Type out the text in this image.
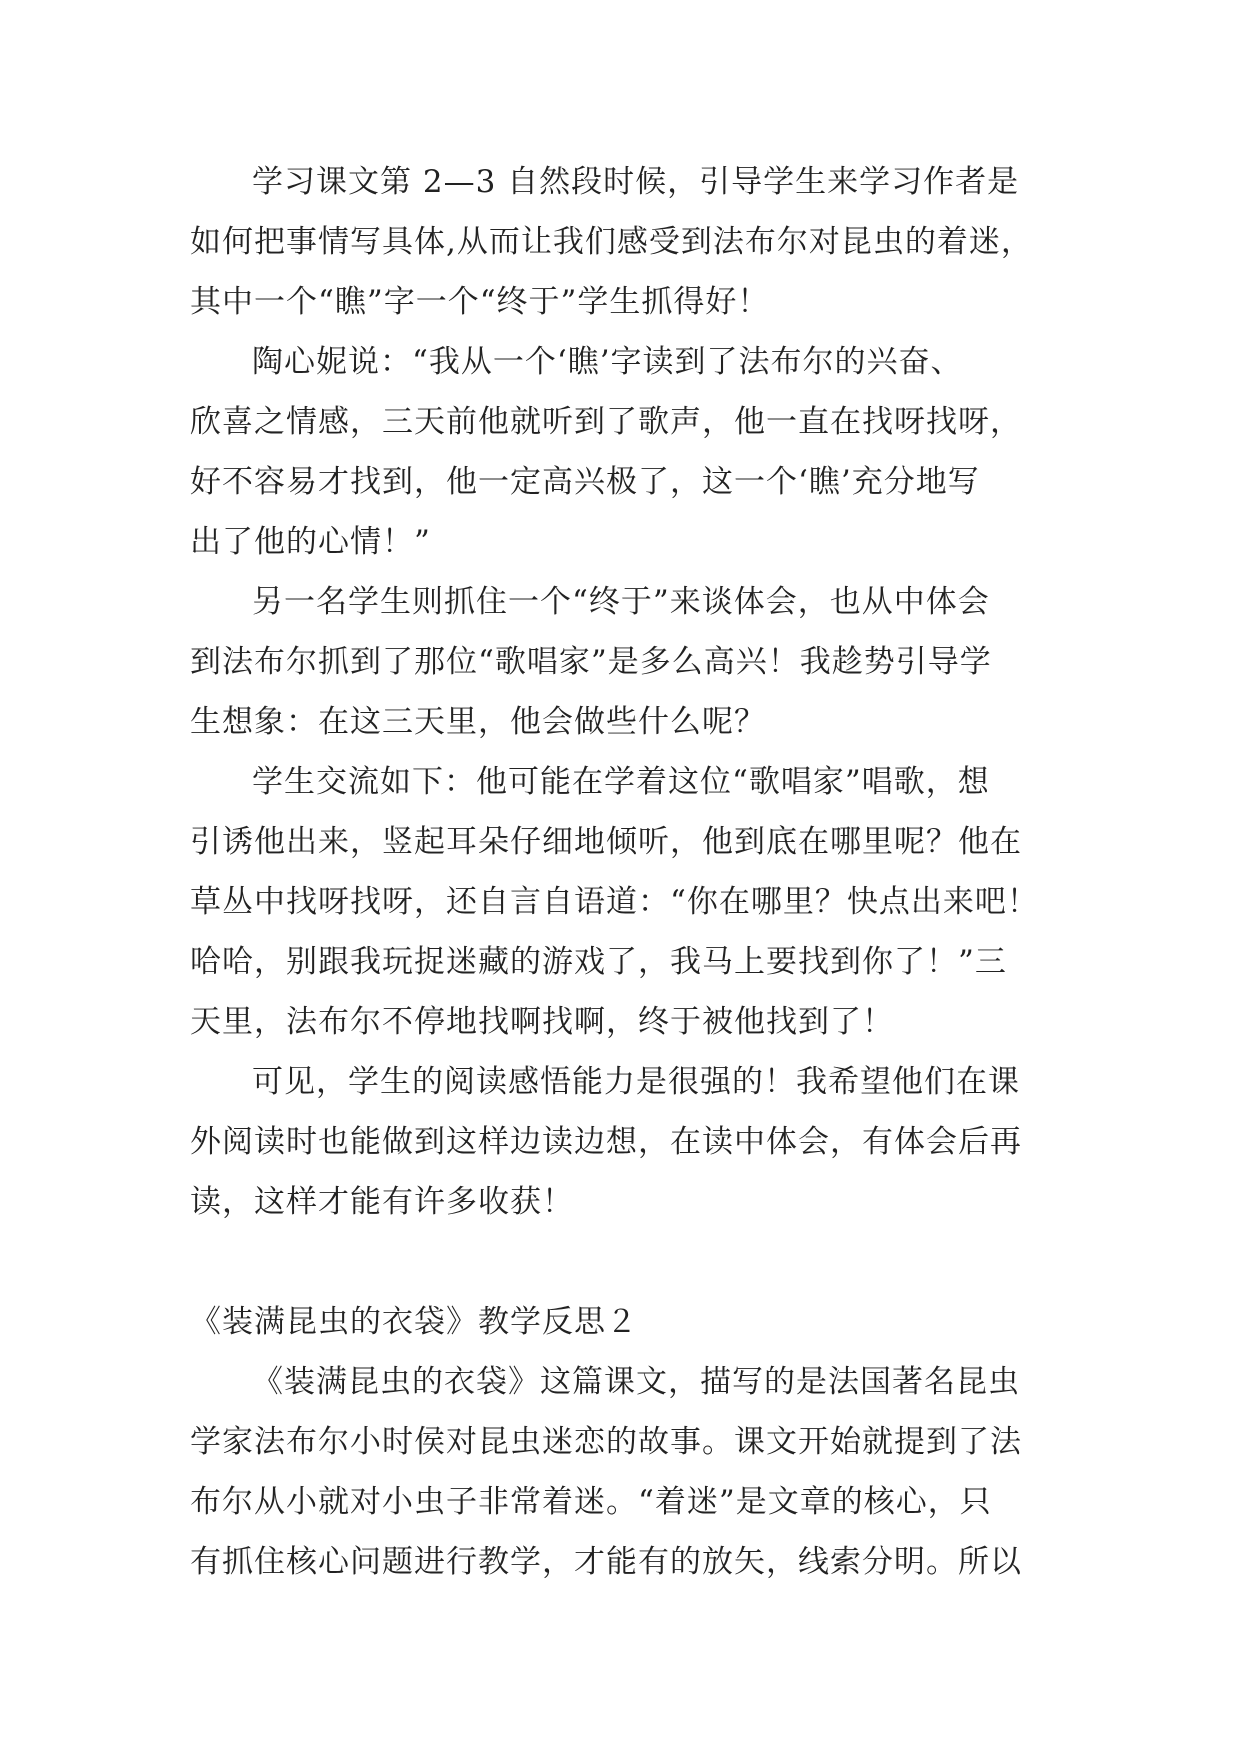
学习课文第 2—3 自然段时候，引导学生来学习作者是
如何把事情写具体,从而让我们感受到法布尔对昆虫的着迷，
其中一个“瞧”字一个“终于”学生抓得好！
陶心妮说：“我从一个‘瞧’字读到了法布尔的兴奋、
欣喜之情感，三天前他就听到了歌声，他一直在找呀找呀，
好不容易才找到，他一定高兴极了，这一个‘瞧’充分地写
出了他的心情！”
另一名学生则抓住一个“终于”来谈体会，也从中体会
到法布尔抓到了那位“歌唱家”是多么高兴！我趁势引导学
生想象：在这三天里，他会做些什么呢？
学生交流如下：他可能在学着这位“歌唱家”唱歌，想
引诱他出来，竖起耳朵仔细地倾听，他到底在哪里呢？他在
草丛中找呀找呀，还自言自语道：“你在哪里？快点出来吧！
哈哈，别跟我玩捉迷藏的游戏了，我马上要找到你了！”三
天里，法布尔不停地找啊找啊，终于被他找到了！
可见，学生的阅读感悟能力是很强的！我希望他们在课
外阅读时也能做到这样边读边想，在读中体会，有体会后再
读，这样才能有许多收获！
《装满昆虫的衣袋》教学反思２
《装满昆虫的衣袋》这篇课文，描写的是法国著名昆虫
学家法布尔小时侯对昆虫迷恋的故事。课文开始就提到了法
布尔从小就对小虫子非常着迷。“着迷”是文章的核心，只
有抓住核心问题进行教学，才能有的放矢，线索分明。所以
